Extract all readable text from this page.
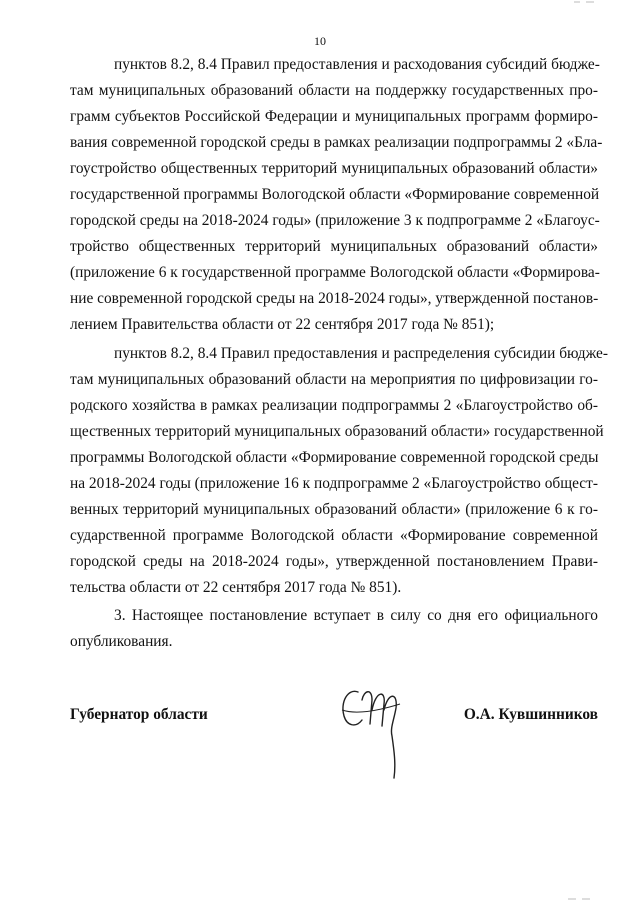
10
пунктов 8.2, 8.4 Правил предоставления и расходования субсидий бюдже-
там муниципальных образований области на поддержку государственных про-
грамм субъектов Российской Федерации и муниципальных программ формиро-
вания современной городской среды в рамках реализации подпрограммы 2 «Бла-
гоустройство общественных территорий муниципальных образований области»
государственной программы Вологодской области «Формирование современной
городской среды на 2018-2024 годы» (приложение 3 к подпрограмме 2 «Благоус-
тройство общественных территорий муниципальных образований области»
(приложение 6 к государственной программе Вологодской области «Формирова-
ние современной городской среды на 2018-2024 годы», утвержденной постанов-
лением Правительства области от 22 сентября 2017 года № 851);
пунктов 8.2, 8.4 Правил предоставления и распределения субсидии бюдже-
там муниципальных образований области на мероприятия по цифровизации го-
родского хозяйства в рамках реализации подпрограммы 2 «Благоустройство об-
щественных территорий муниципальных образований области» государственной
программы Вологодской области «Формирование современной городской среды
на 2018-2024 годы (приложение 16 к подпрограмме 2 «Благоустройство общест-
венных территорий муниципальных образований области» (приложение 6 к го-
сударственной программе Вологодской области «Формирование современной
городской среды на 2018-2024 годы», утвержденной постановлением Прави-
тельства области от 22 сентября 2017 года № 851).
3. Настоящее постановление вступает в силу со дня его официального
опубликования.
Губернатор области	О.А. Кувшинников
